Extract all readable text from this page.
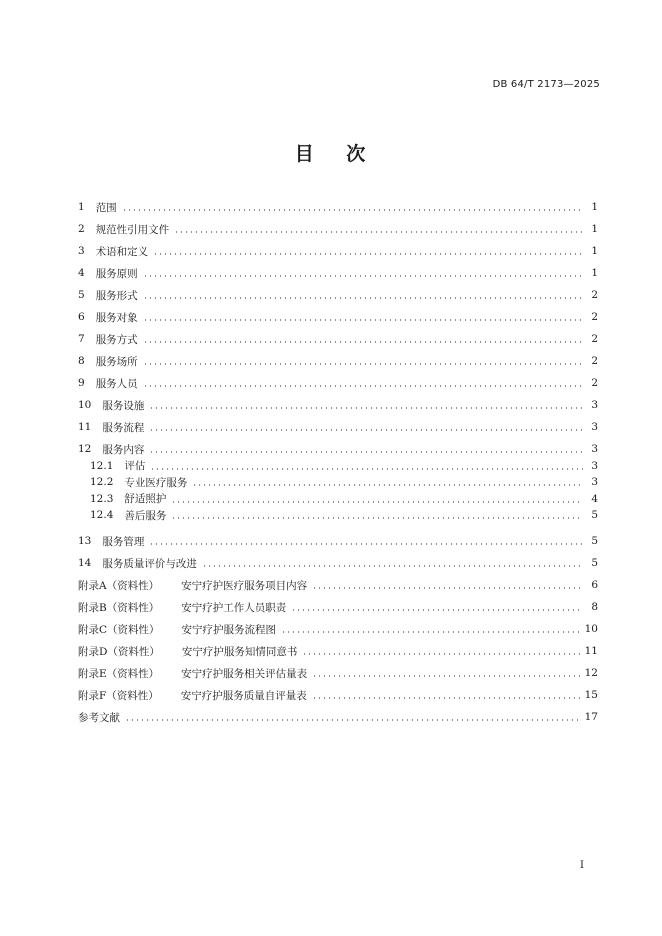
DB 64/T 2173—2025
目 次
1 范围	1
2 规范性引用文件	1
3 术语和定义	1
4 服务原则	1
5 服务形式	2
6 服务对象	2
7 服务方式	2
8 服务场所	2
9 服务人员	2
10 服务设施	3
11 服务流程	3
12 服务内容	3
12.1 评估	3
12.2 专业医疗服务	3
12.3 舒适照护	4
12.4 善后服务	5
13 服务管理	5
14 服务质量评价与改进	5
附录A（资料性） 安宁疗护医疗服务项目内容	6
附录B（资料性） 安宁疗护工作人员职责	8
附录C（资料性） 安宁疗护服务流程图	10
附录D（资料性） 安宁疗护服务知情同意书	11
附录E（资料性） 安宁疗护服务相关评估量表	12
附录F（资料性） 安宁疗护服务质量自评量表	15
参考文献	17
I
